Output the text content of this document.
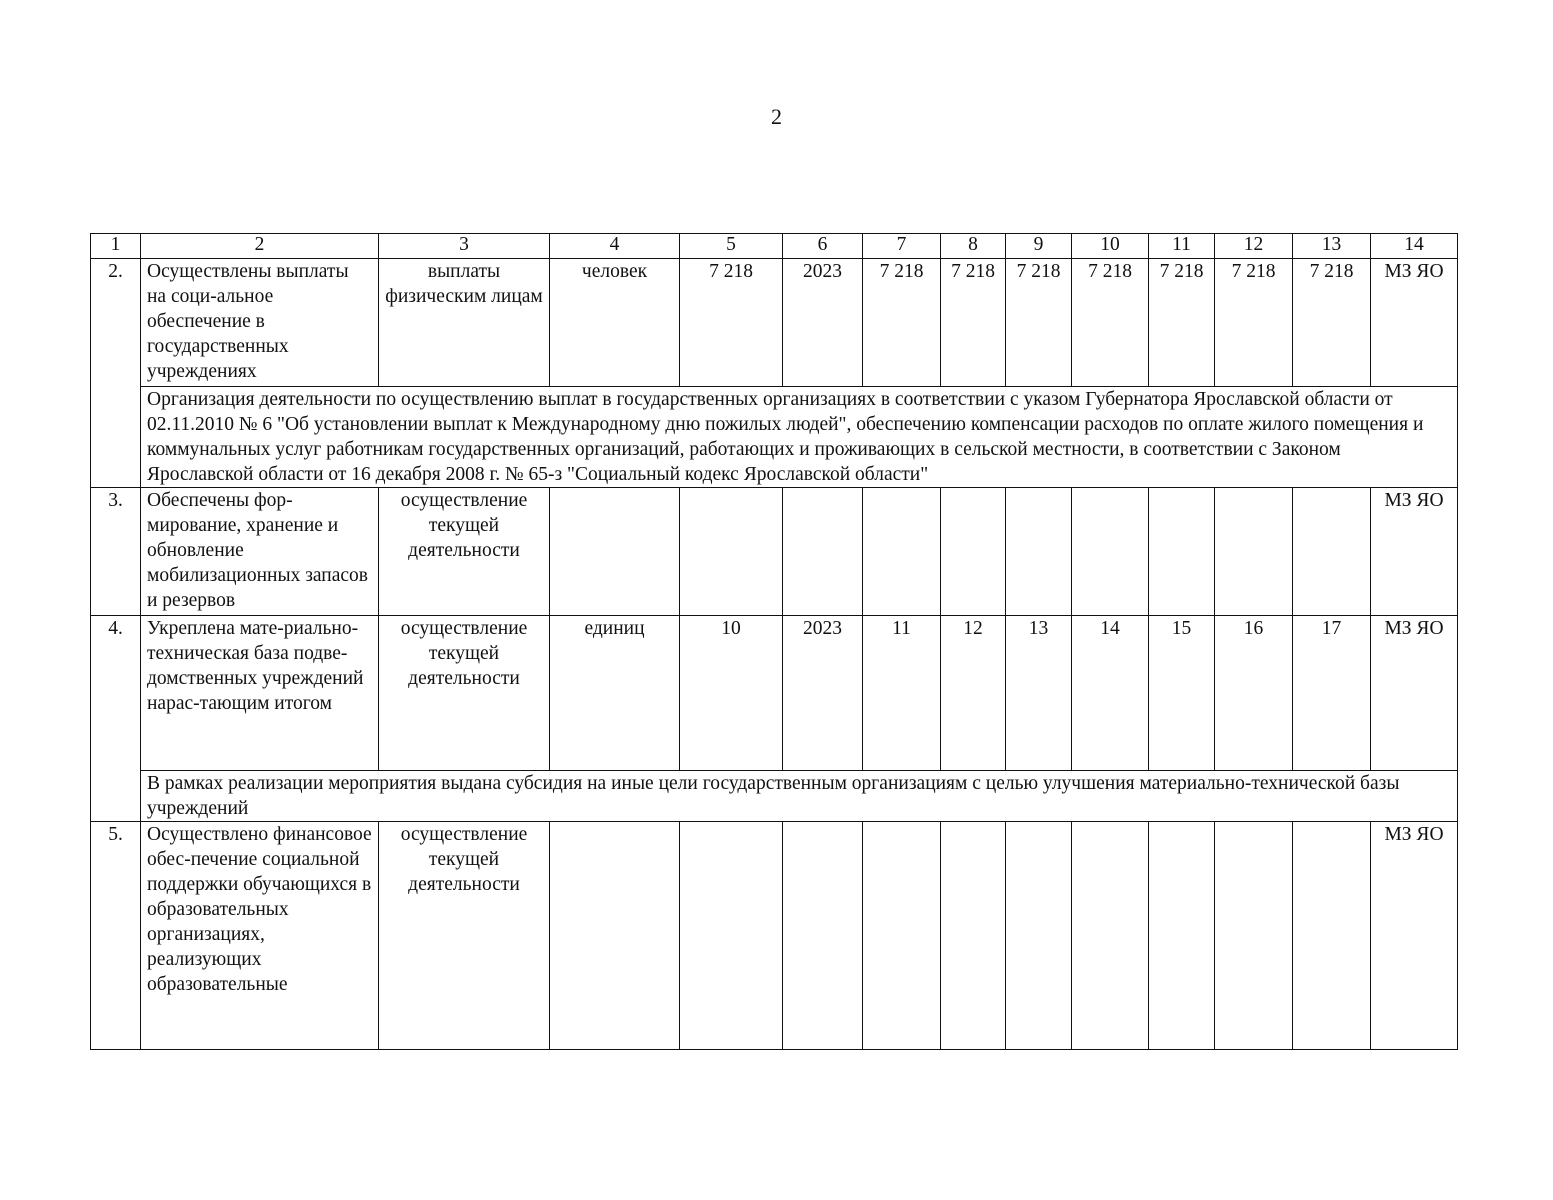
2
1	2	3	4	5	6	7	8	9	10	11	12	13	14
2.	Осуществлены выплаты на соци-альное обеспечение в государственных учреждениях	выплаты физическим лицам	человек	7 218	2023	7 218	7 218	7 218	7 218	7 218	7 218	7 218	МЗ ЯО
	Организация деятельности по осуществлению выплат в государственных организациях в соответствии с указом Губернатора Ярославской области от 02.11.2010 № 6 "Об установлении выплат к Международному дню пожилых людей", обеспечению компенсации расходов по оплате жилого помещения и коммунальных услуг работникам государственных организаций, работающих и проживающих в сельской местности, в соответствии с Законом Ярославской области от 16 декабря 2008 г. № 65-з "Социальный кодекс Ярославской области"												
3.	Обеспечены фор-мирование, хранение и обновление мобилизационных запасов и резервов	осуществление текущей деятельности											МЗ ЯО
4.	Укреплена мате-риально-техническая база подве-домственных учреждений нарас-тающим итогом	осуществление текущей деятельности	единиц	10	2023	11	12	13	14	15	16	17	МЗ ЯО
	В рамках реализации мероприятия выдана субсидия на иные цели государственным организациям с целью улучшения материально-технической базы учреждений												
5.	Осуществлено финансовое обес-печение социальной поддержки обучающихся в образовательных организациях, реализующих образовательные	осуществление текущей деятельности											МЗ ЯО
